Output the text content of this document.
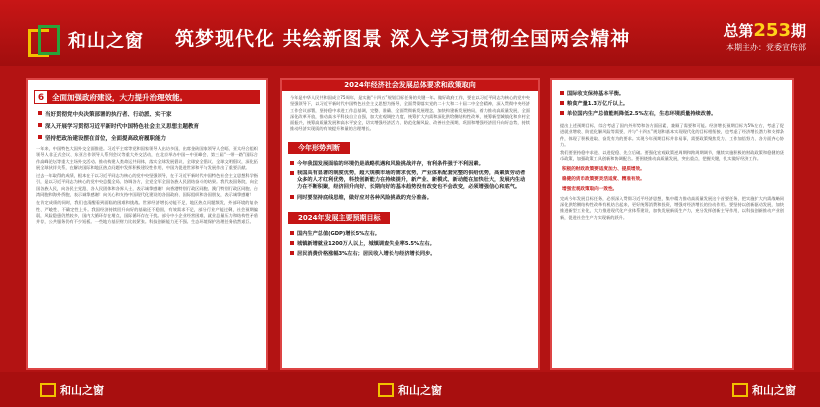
和山之窗 筑梦现代化 共绘新图景 深入学习贯彻全国两会精神	总第253期
本期主办：党委宣传部
6	全面加强政府建设，大力提升治理效能。
当好贯彻党中央决策部署的执行者、行动派、实干家
深入开展学习贯彻习近平新时代中国特色社会主义思想主题教育
坚持把政治建设摆在首位，全面提高政府履职能力
一年来，中国特色大国外交全面推进。习近平主席等党和国家领导人出访多国，出席金砖国家领导人会晤、亚太经合组织领导人非正式会议、东亚合作领导人系列会议等重大外交活动，在北京举办中国—中亚峰会、第三届“一带一路”国际合作高峰论坛等重大主场外交活动。推动构建人类命运共同体，落实全球发展倡议、全球安全倡议、全球文明倡议，深化拓展全球伙伴关系，在解决国际和地区热点问题中发挥积极建设性作用，中国为促进世界和平与发展作出了重要贡献。
过去一年取得的成绩，根本在于以习近平同志为核心的党中央坚强领导，在于习近平新时代中国特色社会主义思想科学指引，是以习近平同志为核心的党中央总揽全局、协调各方，全党全军全国各族人民团结奋斗的结果。我代表国务院，向全国各族人民，向各民主党派、各人民团体和各界人士，表示诚挚感谢！向香港特别行政区同胞、澳门特别行政区同胞、台湾同胞和海外侨胞，表示诚挚感谢！向关心和支持中国现代化建设的各国政府、国际组织和各国朋友，表示诚挚感谢！
在肯定成绩的同时，我们也清醒看到面临的困难和挑战。世界经济增长动能不足，地区热点问题频发，外部环境的复杂性、严峻性、不确定性上升。我国经济持续回升向好的基础还不稳固，有效需求不足，部分行业产能过剩，社会预期偏弱，风险隐患仍然较多，国内大循环存在堵点，国际循环存在干扰。部分中小企业经营困难，就业总量压力和结构性矛盾并存，公共服务仍有不少短板。一些地方基层财力比较紧张。科技创新能力还不强。生态环境保护治理任务依然艰巨。
2024年经济社会发展总体要求和政策取向
今年是中华人民共和国成立75周年，是实施“十四五”规划目标任务的关键一年。做好政府工作，要在以习近平同志为核心的党中央坚强领导下，以习近平新时代中国特色社会主义思想为指导，全面贯彻落实党的二十大和二十届二中全会精神，深入贯彻中央经济工作会议部署，坚持稳中求进工作总基调，完整、准确、全面贯彻新发展理念，加快构建新发展格局，着力推动高质量发展，全面深化改革开放，推动高水平科技自立自强，加大宏观调控力度，统筹扩大内需和深化供给侧结构性改革，统筹新型城镇化和乡村全面振兴，统筹高质量发展和高水平安全，切实增强经济活力、防范化解风险、改善社会预期，巩固和增强经济回升向好态势，持续推动经济实现质的有效提升和量的合理增长。
今年形势判断
今年我国发展面临的环境仍是战略机遇和风险挑战并存，有利条件强于不利因素。
我国具有显著的制度优势，超大规模市场的需求优势，产业体系配套完整的供给优势，高素质劳动者众多的人才红利优势，科技创新能力在持续提升，新产业、新模式、新动能在加快壮大，发展内生动力在不断积聚，经济回升向好、长期向好的基本趋势没有改变也不会改变，必须增强信心和底气。
同时要坚持底线思维，做好应对各种风险挑战的充分准备。
2024年发展主要预期目标
国内生产总值(GDP)增长5%左右。
城镇新增就业1200万人以上，城镇调查失业率5.5%左右。
居民消费价格涨幅3%左右；居民收入增长与经济增长同步。
国际收支保持基本平衡。
粮食产量1.3万亿斤以上。
单位国内生产总值能耗降低2.5%左右，生态环境质量持续改善。
提出上述预期目标，综合考虑了国内外形势和各方面因素，兼顾了需要和可能。经济增长预期目标为5%左右，考虑了促进就业增收、防范化解风险等需要，并与“十四五”规划和基本实现现代化的目标相衔接，也考虑了经济增长潜力和支撑条件，体现了积极进取、奋发有为的要求。实现今年预期目标并非易事，需要政策聚焦发力、工作加倍努力、各方面齐心协力。
我们要坚持稳中求进、以进促稳、先立后破。要强化宏观政策逆周期和跨周期调节，继续实施积极的财政政策和稳健的货币政策，加强政策工具创新和协调配合。要围绕推动高质量发展，突出重点，把握关键，扎实做好经济工作。
积极的财政政策要适度加力、提质增效。
稳健的货币政策要灵活适度、精准有效。
增强宏观政策取向一致性。
完成今年发展目标任务，必须深入贯彻习近平经济思想，集中精力推动高质量发展这个首要任务，把实施扩大内需战略同深化供给侧结构性改革有机结合起来，更好统筹消费和投资，增强对经济增长的拉动作用。要坚持以创新驱动发展，加快推进新型工业化，大力推进现代化产业体系建设，加快发展新质生产力，充分发挥创新主导作用，以科技创新推动产业创新，促进社会生产力实现新的跃升。
和山之窗	和山之窗	和山之窗
